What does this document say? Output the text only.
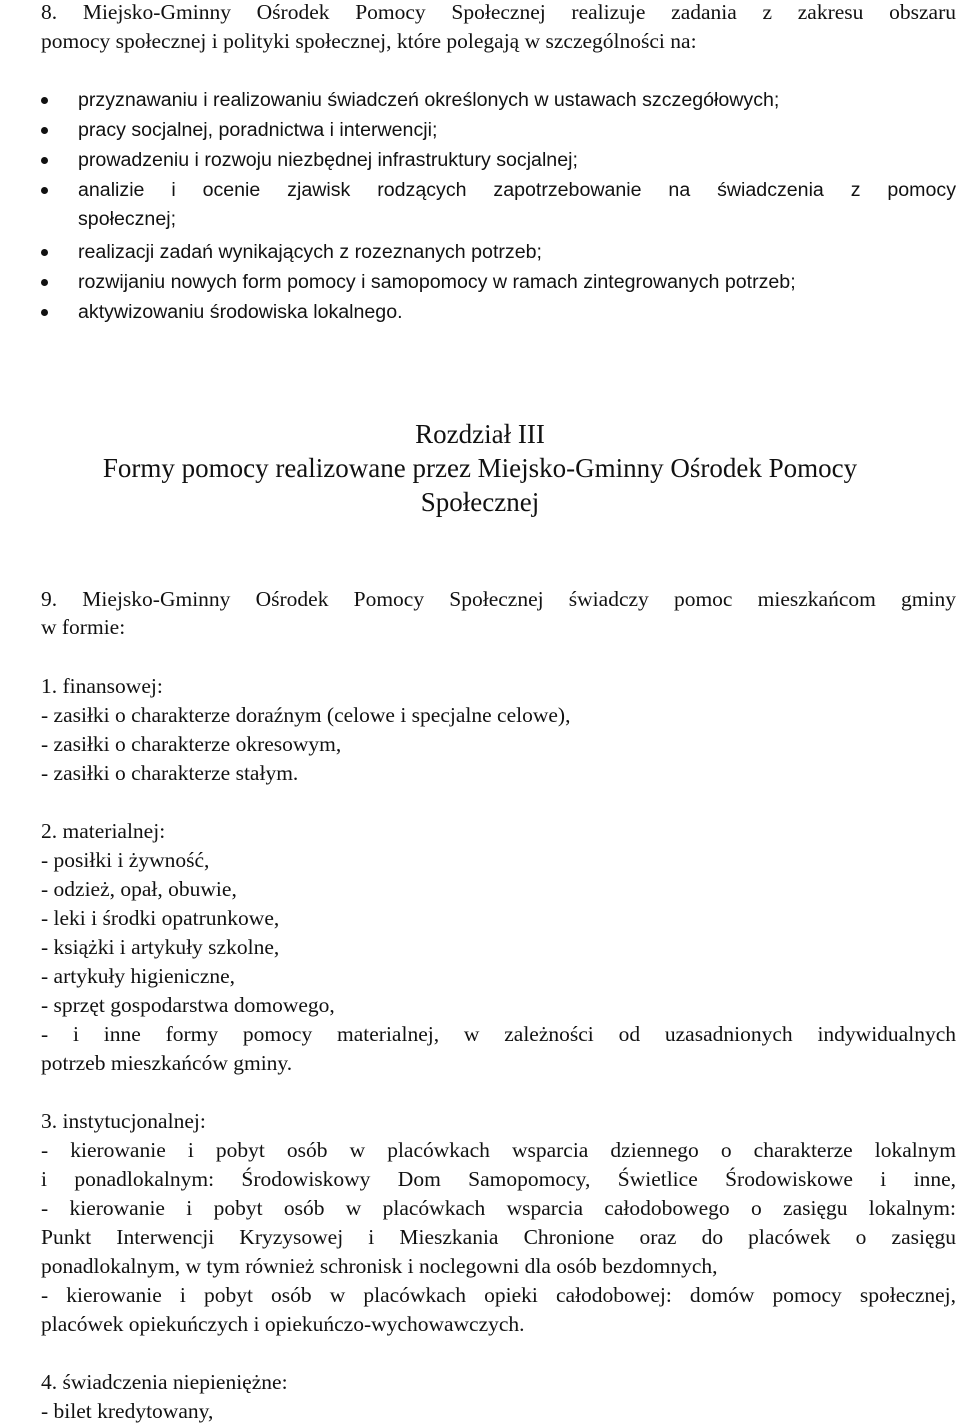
8. Miejsko-Gminny Ośrodek Pomocy Społecznej realizuje zadania z zakresu obszaru
pomocy społecznej i polityki społecznej, które polegają w szczególności na:
przyznawaniu i realizowaniu świadczeń określonych w ustawach szczegółowych;
pracy socjalnej, poradnictwa i interwencji;
prowadzeniu i rozwoju niezbędnej infrastruktury socjalnej;
analizie i ocenie zjawisk rodzących zapotrzebowanie na świadczenia z pomocy
społecznej;
realizacji zadań wynikających z rozeznanych potrzeb;
rozwijaniu nowych form pomocy i samopomocy w ramach zintegrowanych potrzeb;
aktywizowaniu środowiska lokalnego.
Rozdział III
Formy pomocy realizowane przez Miejsko-Gminny Ośrodek Pomocy
Społecznej
9. Miejsko-Gminny Ośrodek Pomocy Społecznej świadczy pomoc mieszkańcom gminy
w formie:
1. finansowej:
- zasiłki o charakterze doraźnym (celowe i specjalne celowe),
- zasiłki o charakterze okresowym,
- zasiłki o charakterze stałym.
2. materialnej:
- posiłki i żywność,
- odzież, opał, obuwie,
- leki i środki opatrunkowe,
- książki i artykuły szkolne,
- artykuły higieniczne,
- sprzęt gospodarstwa domowego,
- i inne formy pomocy materialnej, w zależności od uzasadnionych indywidualnych
potrzeb mieszkańców gminy.
3. instytucjonalnej:
- kierowanie i pobyt osób w placówkach wsparcia dziennego o charakterze lokalnym
i ponadlokalnym: Środowiskowy Dom Samopomocy, Świetlice Środowiskowe i inne,
- kierowanie i pobyt osób w placówkach wsparcia całodobowego o zasięgu lokalnym:
Punkt Interwencji Kryzysowej i Mieszkania Chronione oraz do placówek o zasięgu
ponadlokalnym, w tym również schronisk i noclegowni dla osób bezdomnych,
- kierowanie i pobyt osób w placówkach opieki całodobowej: domów pomocy społecznej,
placówek opiekuńczych i opiekuńczo-wychowawczych.
4. świadczenia niepieniężne:
- bilet kredytowany,
